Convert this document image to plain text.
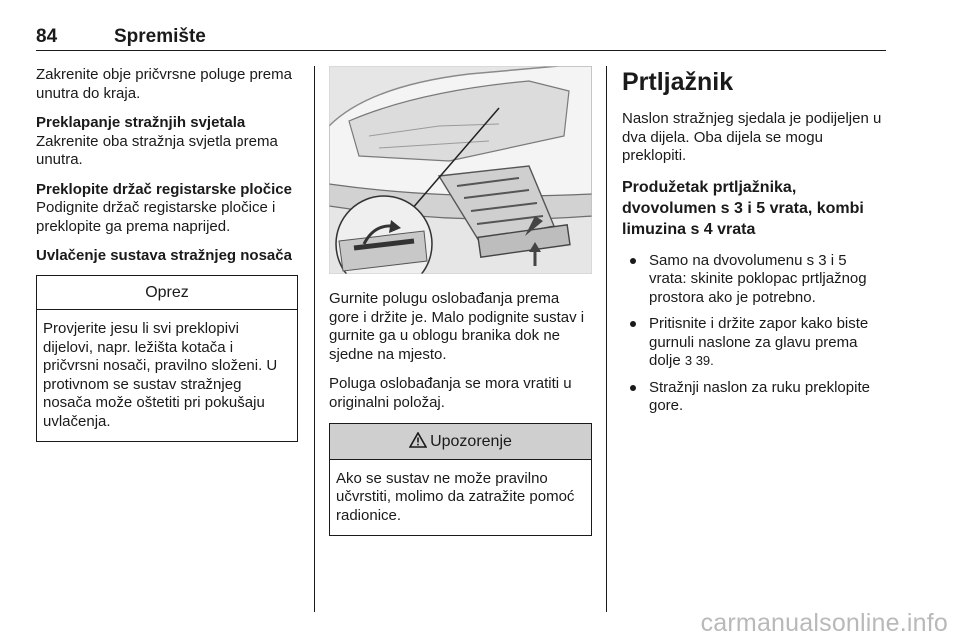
84	Spremište

Zakrenite obje pričvrsne poluge prema unutra do kraja.

Preklapanje stražnjih svjetala

Zakrenite oba stražnja svjetla prema unutra.

Preklopite držač registarske pločice

Podignite držač registarske pločice i preklopite ga prema naprijed.

Uvlačenje sustava stražnjeg nosača

Oprez
Provjerite jesu li svi preklopivi dijelovi, napr. ležišta kotača i pričvrsni nosači, pravilno složeni. U protivnom se sustav stražnjeg nosača može oštetiti pri pokušaju uvlačenja.

Gurnite polugu oslobađanja prema gore i držite je. Malo podignite sustav i gurnite ga u oblogu branika dok ne sjedne na mjesto.

Poluga oslobađanja se mora vratiti u originalni položaj.

Upozorenje
Ako se sustav ne može pravilno učvrstiti, molimo da zatražite pomoć radionice.
Prtljažnik

Naslon stražnjeg sjedala je podijeljen u dva dijela. Oba dijela se mogu preklopiti.

Produžetak prtljažnika, dvovolumen s 3 i 5 vrata, kombi limuzina s 4 vrata
Samo na dvovolumenu s 3 i 5 vrata: skinite poklopac prtljažnog prostora ako je potrebno.
Pritisnite i držite zapor kako biste gurnuli naslone za glavu prema dolje 3 39.
Stražnji naslon za ruku preklopite gore.
carmanualsonline.info
